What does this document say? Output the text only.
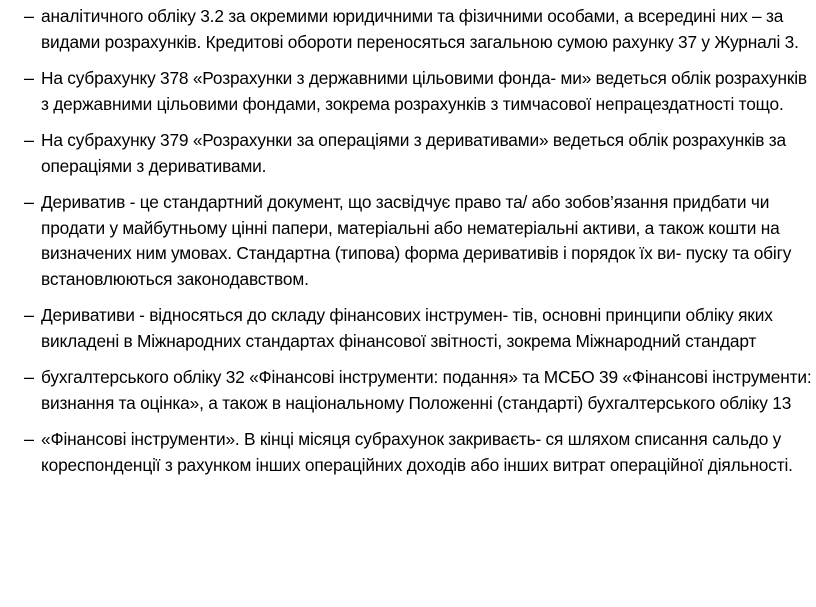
– аналітичного обліку 3.2 за окремими юридичними та фізичними особами, а всередині них – за видами розрахунків. Кредитові обороти переносяться загальною сумою рахунку 37 у Журналі 3.
– На субрахунку 378 «Розрахунки з державними цільовими фонда- ми» ведеться облік розрахунків з державними цільовими фондами, зокрема розрахунків з тимчасової непрацездатності тощо.
– На субрахунку 379 «Розрахунки за операціями з деривативами» ведеться облік розрахунків за операціями з деривативами.
– Дериватив - це стандартний документ, що засвідчує право та/ або зобов’язання придбати чи продати у майбутньому цінні папери, матеріальні або нематеріальні активи, а також кошти на визначених ним умовах. Стандартна (типова) форма деривативів і порядок їх ви- пуску та обігу встановлюються законодавством.
– Деривативи - відносяться до складу фінансових інструмен- тів, основні принципи обліку яких викладені в Міжнародних стандартах фінансової звітності, зокрема Міжнародний стандарт
– бухгалтерського обліку 32 «Фінансові інструменти: подання» та МСБО 39 «Фінансові інструменти: визнання та оцінка», а також в національному Положенні (стандарті) бухгалтерського обліку 13
– «Фінансові інструменти». В кінці місяця субрахунок закриваєть- ся шляхом списання сальдо у кореспонденції з рахунком інших операційних доходів або інших витрат операційної діяльності.
